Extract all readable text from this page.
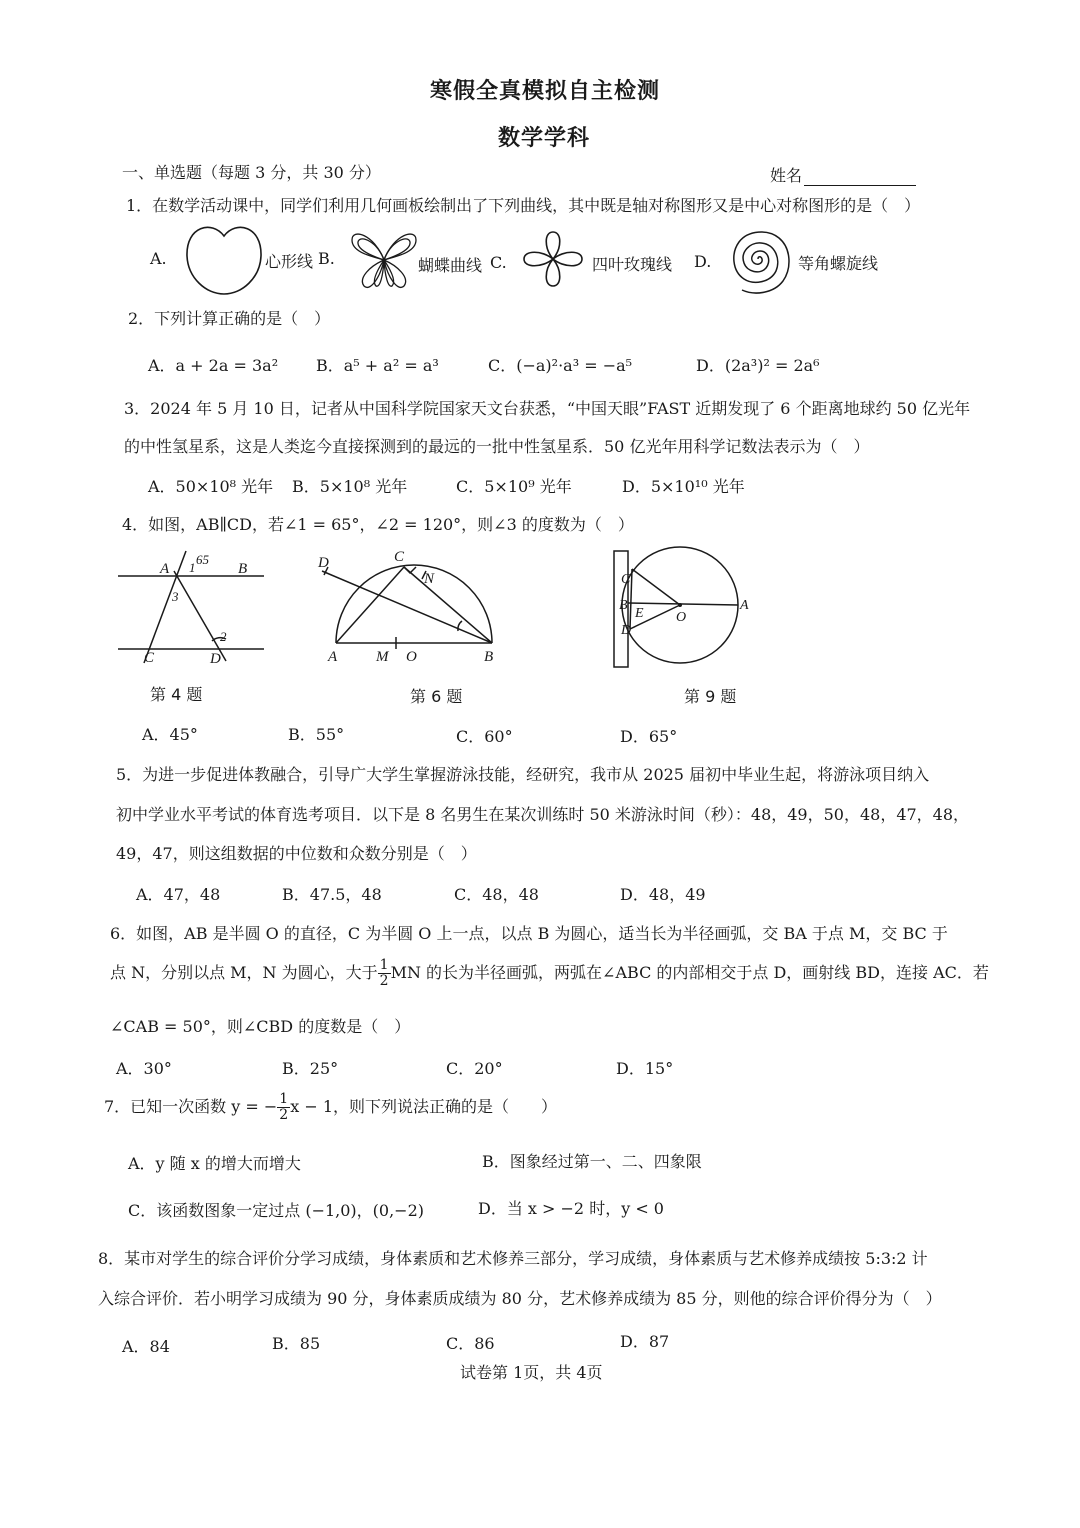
寒假全真模拟自主检测
数学学科
一、单选题（每题 3 分，共 30 分）	姓名
1．在数学活动课中，同学们利用几何画板绘制出了下列曲线，其中既是轴对称图形又是中心对称图形的是（　）
A.	心形线 B.	蝴蝶曲线 C.	四叶玫瑰线 D.	等角螺旋线
2．下列计算正确的是（　）
A．a + 2a = 3a² B．a⁵ + a² = a³	C．(−a)²·a³ = −a⁵	D．(2a³)² = 2a⁶
3．2024 年 5 月 10 日，记者从中国科学院国家天文台获悉，“中国天眼”FAST 近期发现了 6 个距离地球约 50 亿光年
的中性氢星系，这是人类迄今直接探测到的最远的一批中性氢星系．50 亿光年用科学记数法表示为（　）
A．50×10⁸ 光年 B．5×10⁸ 光年	C．5×10⁹ 光年	D．5×10¹⁰ 光年
4．如图，AB∥CD，若∠1 = 65°，∠2 = 120°，则∠3 的度数为（　）
A	B
C	D
1
65
3
2
D	C
N
A	M O	B
C
B
E
D
O
A
第 4 题	第 6 题	第 9 题
A．45°	B．55°	C．60°	D．65°
5．为进一步促进体教融合，引导广大学生掌握游泳技能，经研究，我市从 2025 届初中毕业生起，将游泳项目纳入
初中学业水平考试的体育选考项目．以下是 8 名男生在某次训练时 50 米游泳时间（秒）：48，49，50，48，47，48，
49，47，则这组数据的中位数和众数分别是（　）
A．47，48	B．47.5，48	C．48，48	D．48，49
6．如图，AB 是半圆 O 的直径，C 为半圆 O 上一点，以点 B 为圆心，适当长为半径画弧，交 BA 于点 M，交 BC 于
点 N，分别以点 M，N 为圆心，大于 $\frac{1}{2}$ MN 的长为半径画弧，两弧在∠ABC 的内部相交于点 D，画射线 BD，连接 AC．若
∠CAB = 50°，则∠CBD 的度数是（　）
A．30°	B．25°	C．20°	D．15°
7．已知一次函数 y = − $\frac{1}{2}$ x − 1，则下列说法正确的是（　　）
A．y 随 x 的增大而增大	B．图象经过第一、二、四象限
C．该函数图象一定过点 (−1,0)，(0,−2)	D．当 x > −2 时，y < 0
8．某市对学生的综合评价分学习成绩，身体素质和艺术修养三部分，学习成绩，身体素质与艺术修养成绩按 5:3:2 计
入综合评价．若小明学习成绩为 90 分，身体素质成绩为 80 分，艺术修养成绩为 85 分，则他的综合评价得分为（　）
A．84	B．85	C．86	D．87
试卷第 1页，共 4页
